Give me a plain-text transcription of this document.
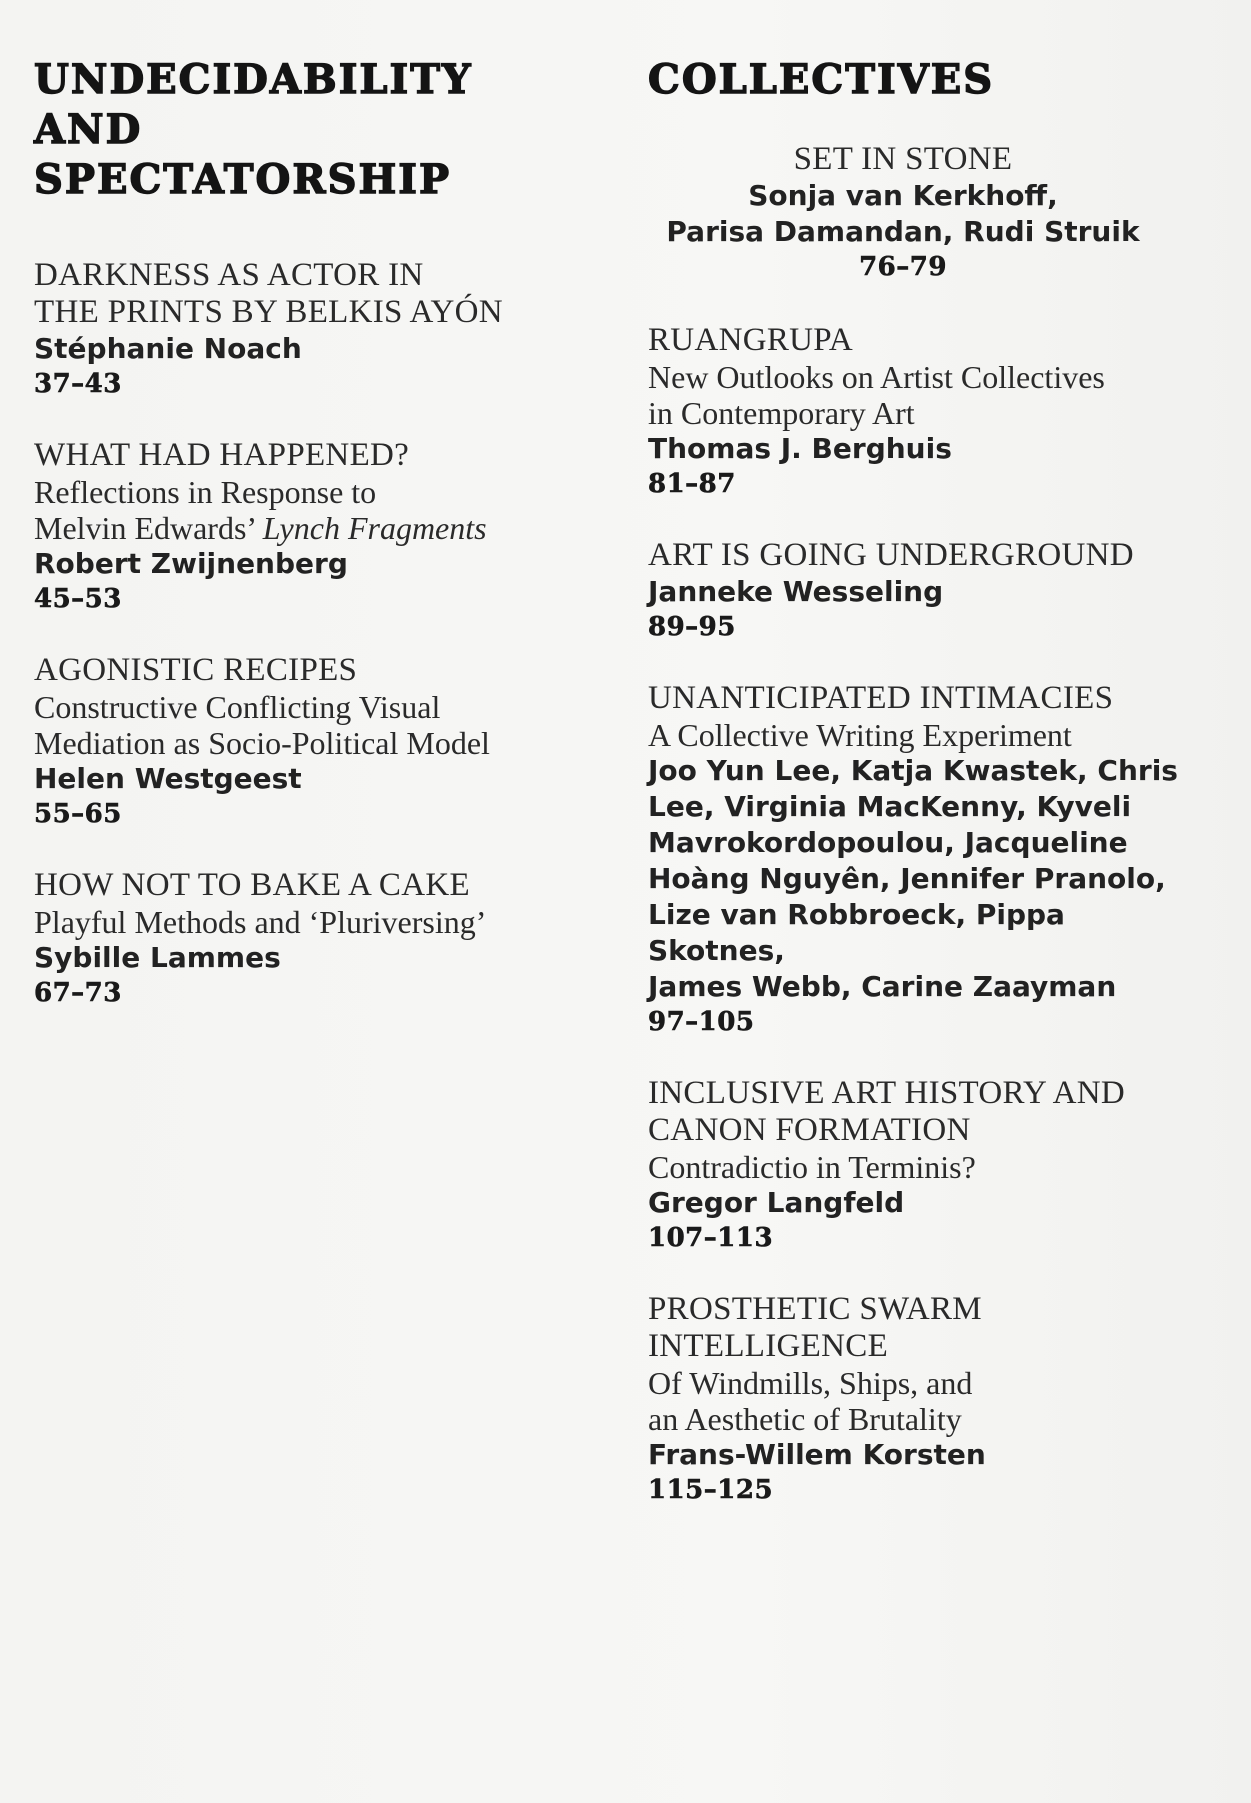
UNDECIDABILITY
AND
SPECTATORSHIP
DARKNESS AS ACTOR IN
THE PRINTS BY BELKIS AYÓN
Stéphanie Noach
37–43
WHAT HAD HAPPENED?
Reflections in Response to
Melvin Edwards’ Lynch Fragments
Robert Zwijnenberg
45–53
AGONISTIC RECIPES
Constructive Conflicting Visual
Mediation as Socio-Political Model
Helen Westgeest
55–65
HOW NOT TO BAKE A CAKE
Playful Methods and ‘Pluriversing’
Sybille Lammes
67–73
COLLECTIVES
SET IN STONE
Sonja van Kerkhoff,
Parisa Damandan, Rudi Struik
76–79
RUANGRUPA
New Outlooks on Artist Collectives
in Contemporary Art
Thomas J. Berghuis
81–87
ART IS GOING UNDERGROUND
Janneke Wesseling
89–95
UNANTICIPATED INTIMACIES
A Collective Writing Experiment
Joo Yun Lee, Katja Kwastek, Chris
Lee, Virginia MacKenny, Kyveli
Mavrokordopoulou, Jacqueline
Hoàng Nguyên, Jennifer Pranolo,
Lize van Robbroeck, Pippa Skotnes,
James Webb, Carine Zaayman
97–105
INCLUSIVE ART HISTORY AND
CANON FORMATION
Contradictio in Terminis?
Gregor Langfeld
107–113
PROSTHETIC SWARM
INTELLIGENCE
Of Windmills, Ships, and
an Aesthetic of Brutality
Frans-Willem Korsten
115–125
